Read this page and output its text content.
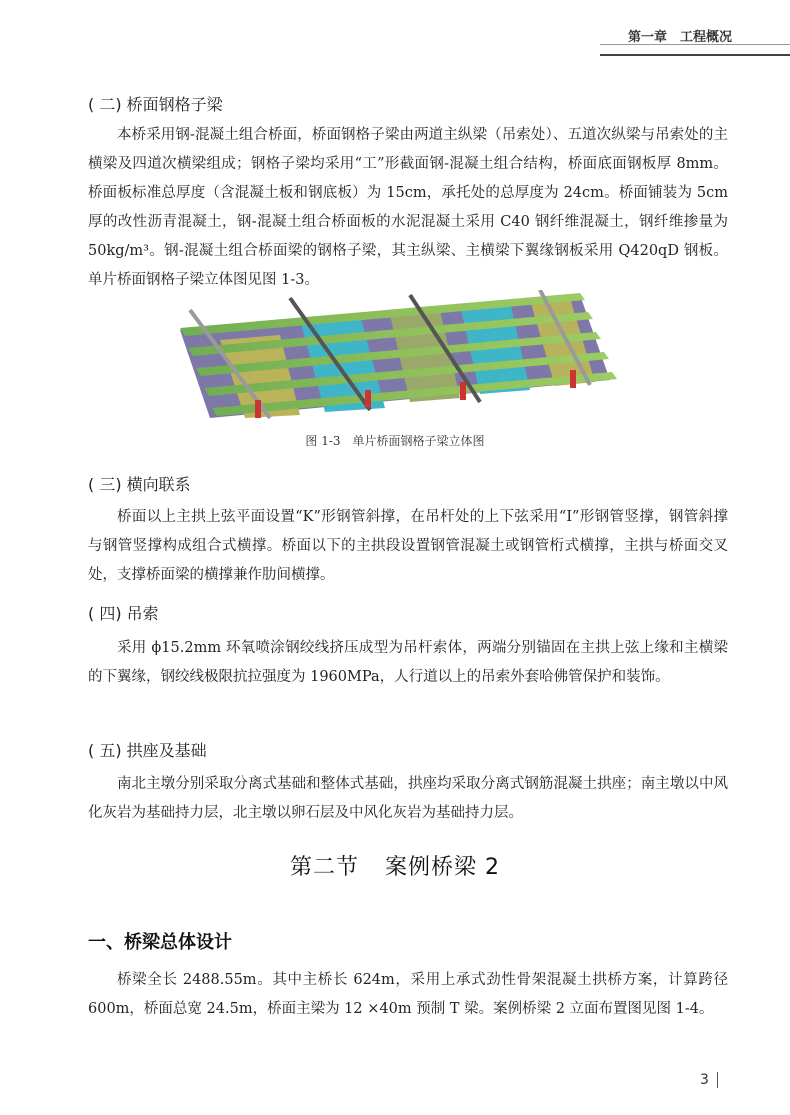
第一章　工程概况
( 二) 桥面钢格子梁
本桥采用钢-混凝土组合桥面，桥面钢格子梁由两道主纵梁（吊索处）、五道次纵梁与吊索处的主横梁及四道次横梁组成；钢格子梁均采用“工”形截面钢-混凝土组合结构，桥面底面钢板厚 8mm。桥面板标准总厚度（含混凝土板和钢底板）为 15cm，承托处的总厚度为 24cm。桥面铺装为 5cm 厚的改性沥青混凝土，钢-混凝土组合桥面板的水泥混凝土采用 C40 钢纤维混凝土，钢纤维掺量为 50kg/m³。钢-混凝土组合桥面梁的钢格子梁，其主纵梁、主横梁下翼缘钢板采用 Q420qD 钢板。单片桥面钢格子梁立体图见图 1-3。
图 1-3　单片桥面钢格子梁立体图
( 三) 横向联系
桥面以上主拱上弦平面设置“K”形钢管斜撑，在吊杆处的上下弦采用“I”形钢管竖撑，钢管斜撑与钢管竖撑构成组合式横撑。桥面以下的主拱段设置钢管混凝土或钢管桁式横撑，主拱与桥面交叉处，支撑桥面梁的横撑兼作肋间横撑。
( 四) 吊索
采用 ϕ15.2mm 环氧喷涂钢绞线挤压成型为吊杆索体，两端分别锚固在主拱上弦上缘和主横梁的下翼缘，钢绞线极限抗拉强度为 1960MPa，人行道以上的吊索外套哈佛管保护和装饰。
( 五) 拱座及基础
南北主墩分别采取分离式基础和整体式基础，拱座均采取分离式钢筋混凝土拱座；南主墩以中风化灰岩为基础持力层，北主墩以卵石层及中风化灰岩为基础持力层。
第二节 案例桥梁 2
一、桥梁总体设计
桥梁全长 2488.55m。其中主桥长 624m，采用上承式劲性骨架混凝土拱桥方案，计算跨径 600m，桥面总宽 24.5m，桥面主梁为 12 ×40m 预制 T 梁。案例桥梁 2 立面布置图见图 1-4。
3
